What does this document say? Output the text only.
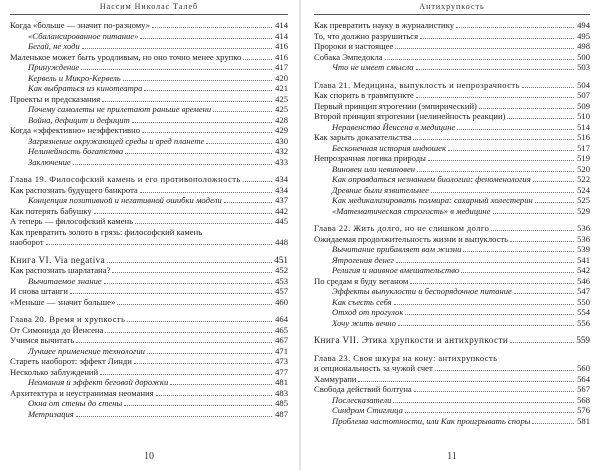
Нассим Николас Талеб
Когда «больше — значит по-разному»	414
«Сбалансированное питание»	414
Бегай, не ходи	416
Маленькое может быть уродливым, но оно точно менее хрупко	416
Принуждение	417
Кервель и Микро-Кервель	420
Как выбраться из кинотеатра	421
Проекты и предсказания	425
Почему самолеты не прилетают раньше времени	425
Война, дефицит и дефицит	428
Когда «эффективно» неэффективно	429
Загрязнение окружающей среды и вред планете	430
Нелинейность богатства	432
Заключение	433
Глава 19. Философский камень и его противоположность	434
Как распознать будущего банкрота	434
Концепция позитивной и негативной ошибки модели	437
Как потерять бабушку	442
А теперь — философский камень	445
Как превратить золото в грязь: философский камень
наоборот	448
Книга VI. Via negativa	451
Как распознать шарлатана?	452
Вычитаемое знание	453
И снова штанги	457
«Меньше — значит больше»	460
Глава 20. Время и хрупкость	464
От Симонида до Йенсена	465
Учимся вычитать	467
Лучшее применение технологии	471
Стареть наоборот: эффект Линди	473
Несколько заблуждений	477
Неомания и эффект беговой дорожки	481
Архитектура и неустранимая неомания	483
Окна от стены до стены	485
Метризация	487
10
Антихрупкость
Как превратить науку в журналистику	494
То, что должно разрушиться	495
Пророки и настоящее	498
Собака Эмпедокла	500
Что не имеет смысла	503
Глава 21. Медицина, выпуклость и непрозрачность	504
Как спорить в травмпункте	507
Первый принцип ятрогении (эмпирический)	509
Второй принцип ятрогении (нелинейность реакции)	510
Неравенство Йенсена в медицине	514
Как зарыть доказательства	516
Бесконечная история индюшек	517
Непрозрачная логика природы	519
Виновен или невиновен	520
Как оправдаться незнанием биологии: феноменология	522
Древние были язвительнее	524
Как медикализировать полмира: сахарный холестерин	525
«Математическая строгость» в медицине	529
Глава 22. Жить долго, но не слишком долго	536
Ожидаемая продолжительность жизни и выпуклость	536
Вычитание прибавляет вам жизни	539
Ятрогения денег	541
Религия и наивное вмешательство	542
По средам я буду веганом	546
Эффекты выпуклости и беспорядочное питание	547
Как съесть себя	550
Отход от прогулок	554
Хочу жить вечно	556
Книга VII. Этика хрупкости и антихрупкости	559
Глава 23. Своя шкура на кону: антихрупкость
и опциональность за чужой счет	560
Хаммурапи	564
Свобода действий болтуна	567
Послесказатели	568
Синдром Стиглица	576
Проблема частотности, или Как проигрывать споры	581
11
